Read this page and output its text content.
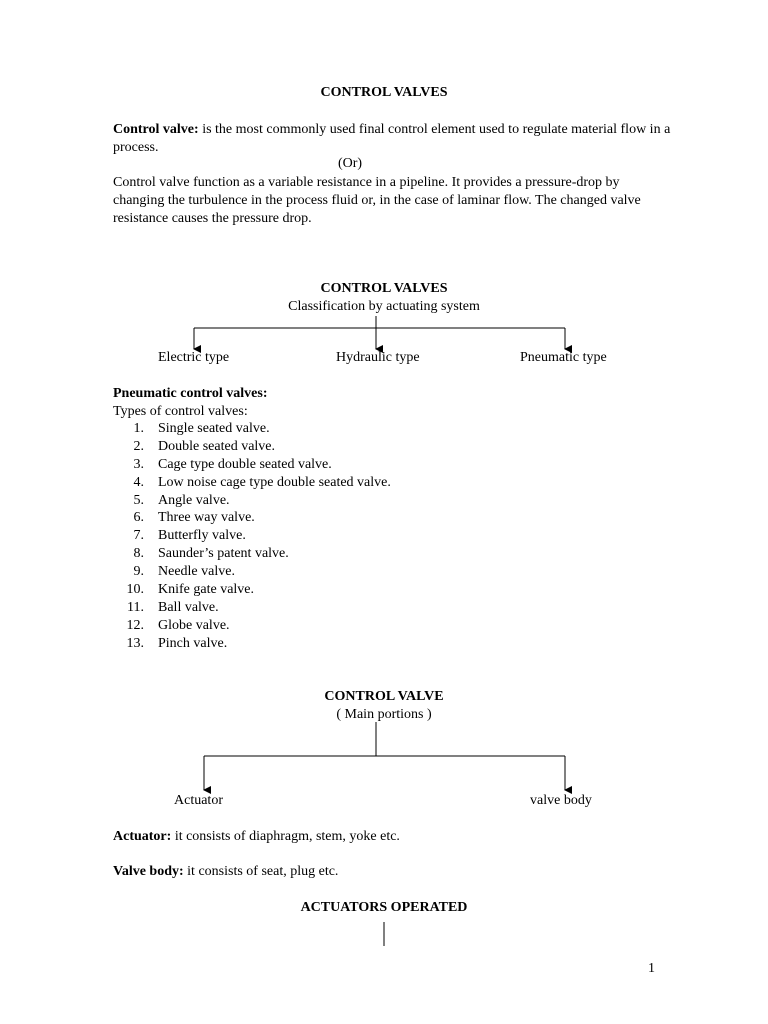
CONTROL VALVES
Control valve: is the most commonly used final control element used to regulate material flow in a process.
(Or)
Control valve function as a variable resistance in a pipeline. It provides a pressure-drop by changing the turbulence in the process fluid or, in the case of laminar flow. The changed valve resistance causes the pressure drop.
CONTROL VALVES
Classification by actuating system
Electric type	Hydraulic type	Pneumatic type
Pneumatic control valves:
Types of control valves:
1. Single seated valve.
2. Double seated valve.
3. Cage type double seated valve.
4. Low noise cage type double seated valve.
5. Angle valve.
6. Three way valve.
7. Butterfly valve.
8. Saunder’s patent valve.
9. Needle valve.
10. Knife gate valve.
11. Ball valve.
12. Globe valve.
13. Pinch valve.
CONTROL VALVE
( Main portions )
Actuator	valve body
Actuator: it consists of diaphragm, stem, yoke etc.
Valve body: it consists of seat, plug etc.
ACTUATORS OPERATED
1
